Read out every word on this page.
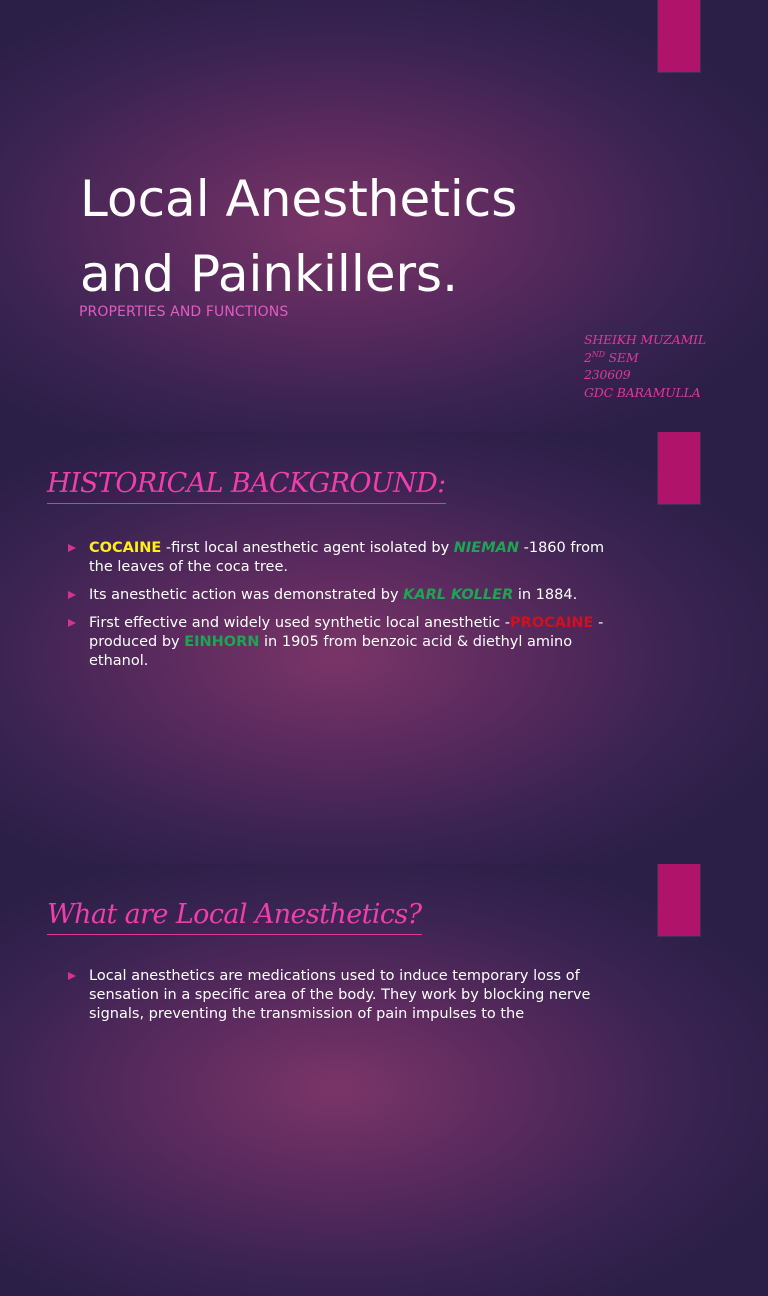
Local Anesthetics
and Painkillers.
PROPERTIES AND FUNCTIONS
SHEIKH MUZAMIL
2ND SEM
230609
GDC BARAMULLA
HISTORICAL BACKGROUND:
COCAINE -first local anesthetic agent isolated by NIEMAN -1860 from the leaves of the coca tree.
Its anesthetic action was demonstrated by KARL KOLLER in 1884.
First effective and widely used synthetic local anesthetic -PROCAINE - produced by EINHORN in 1905 from benzoic acid & diethyl amino ethanol.
What are Local Anesthetics?
Local anesthetics are medications used to induce temporary loss of sensation in a specific area of the body. They work by blocking nerve signals, preventing the transmission of pain impulses to the
